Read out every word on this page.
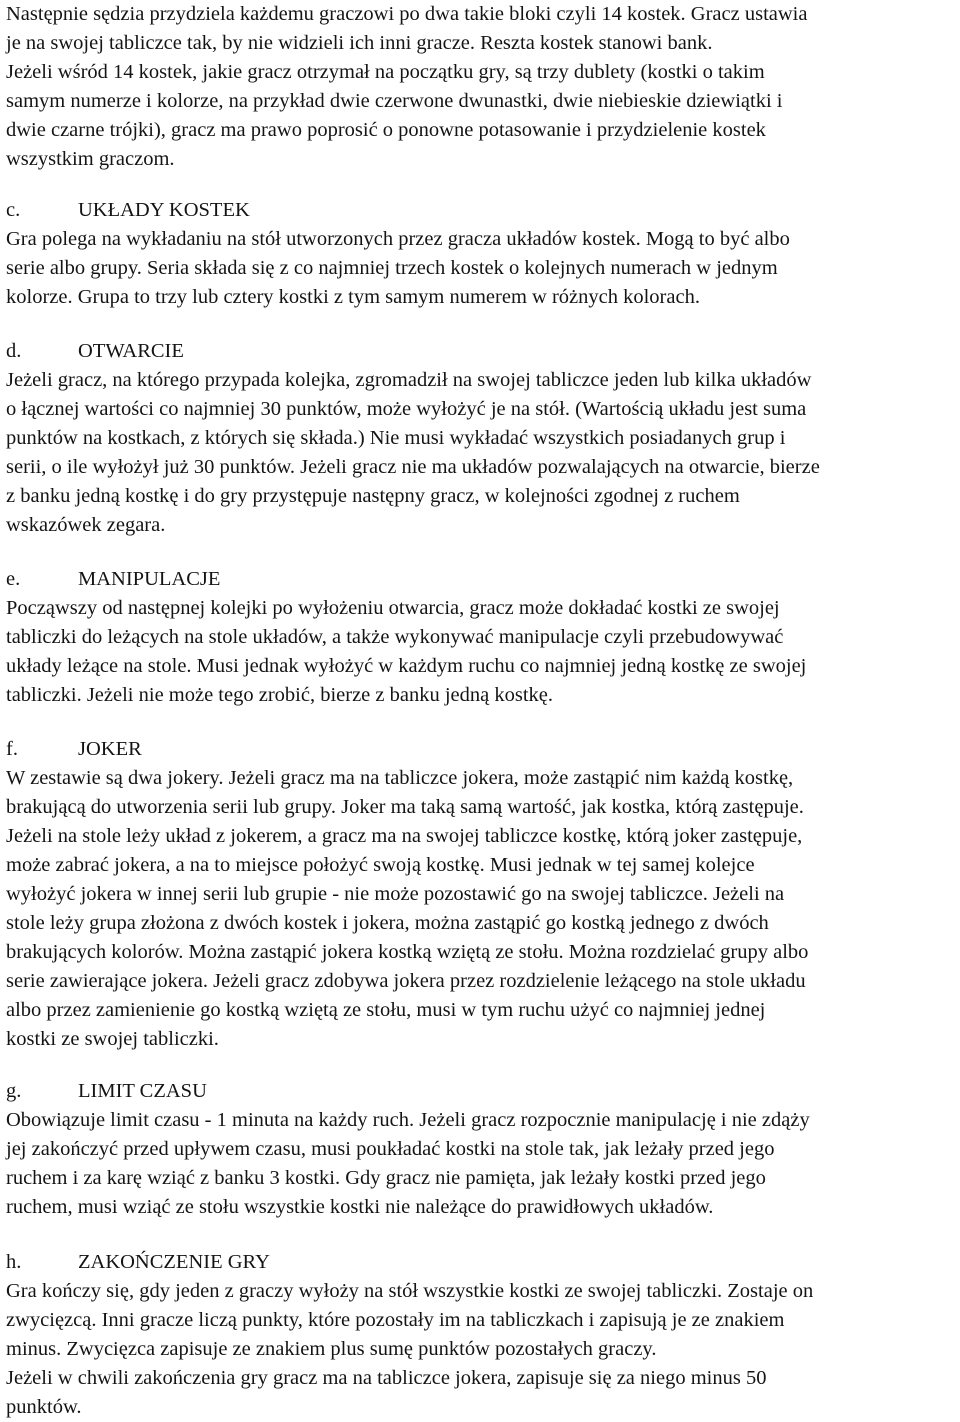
Następnie sędzia przydziela każdemu graczowi po dwa takie bloki czyli 14 kostek. Gracz ustawia
je na swojej tabliczce tak, by nie widzieli ich inni gracze. Reszta kostek stanowi bank.
Jeżeli wśród 14 kostek, jakie gracz otrzymał na początku gry, są trzy dublety (kostki o takim
samym numerze i kolorze, na przykład dwie czerwone dwunastki, dwie niebieskie dziewiątki i
dwie czarne trójki), gracz ma prawo poprosić o ponowne potasowanie i przydzielenie kostek
wszystkim graczom.
c.	UKŁADY KOSTEK
Gra polega na wykładaniu na stół utworzonych przez gracza układów kostek. Mogą to być albo
serie albo grupy. Seria składa się z co najmniej trzech kostek o kolejnych numerach w jednym
kolorze. Grupa to trzy lub cztery kostki z tym samym numerem w różnych kolorach.
d.	OTWARCIE
Jeżeli gracz, na którego przypada kolejka, zgromadził na swojej tabliczce jeden lub kilka układów
o łącznej wartości co najmniej 30 punktów, może wyłożyć je na stół. (Wartością układu jest suma
punktów na kostkach, z których się składa.) Nie musi wykładać wszystkich posiadanych grup i
serii, o ile wyłożył już 30 punktów. Jeżeli gracz nie ma układów pozwalających na otwarcie, bierze
z banku jedną kostkę i do gry przystępuje następny gracz, w kolejności zgodnej z ruchem
wskazówek zegara.
e.	MANIPULACJE
Począwszy od następnej kolejki po wyłożeniu otwarcia, gracz może dokładać kostki ze swojej
tabliczki do leżących na stole układów, a także wykonywać manipulacje czyli przebudowywać
układy leżące na stole. Musi jednak wyłożyć w każdym ruchu co najmniej jedną kostkę ze swojej
tabliczki. Jeżeli nie może tego zrobić, bierze z banku jedną kostkę.
f.	JOKER
W zestawie są dwa jokery. Jeżeli gracz ma na tabliczce jokera, może zastąpić nim każdą kostkę,
brakującą do utworzenia serii lub grupy. Joker ma taką samą wartość, jak kostka, którą zastępuje.
Jeżeli na stole leży układ z jokerem, a gracz ma na swojej tabliczce kostkę, którą joker zastępuje,
może zabrać jokera, a na to miejsce położyć swoją kostkę. Musi jednak w tej samej kolejce
wyłożyć jokera w innej serii lub grupie - nie może pozostawić go na swojej tabliczce. Jeżeli na
stole leży grupa złożona z dwóch kostek i jokera, można zastąpić go kostką jednego z dwóch
brakujących kolorów. Można zastąpić jokera kostką wziętą ze stołu. Można rozdzielać grupy albo
serie zawierające jokera. Jeżeli gracz zdobywa jokera przez rozdzielenie leżącego na stole układu
albo przez zamienienie go kostką wziętą ze stołu, musi w tym ruchu użyć co najmniej jednej
kostki ze swojej tabliczki.
g.	LIMIT CZASU
Obowiązuje limit czasu - 1 minuta na każdy ruch. Jeżeli gracz rozpocznie manipulację i nie zdąży
jej zakończyć przed upływem czasu, musi poukładać kostki na stole tak, jak leżały przed jego
ruchem i za karę wziąć z banku 3 kostki. Gdy gracz nie pamięta, jak leżały kostki przed jego
ruchem, musi wziąć ze stołu wszystkie kostki nie należące do prawidłowych układów.
h.	ZAKOŃCZENIE GRY
Gra kończy się, gdy jeden z graczy wyłoży na stół wszystkie kostki ze swojej tabliczki. Zostaje on
zwycięzcą. Inni gracze liczą punkty, które pozostały im na tabliczkach i zapisują je ze znakiem
minus. Zwycięzca zapisuje ze znakiem plus sumę punktów pozostałych graczy.
Jeżeli w chwili zakończenia gry gracz ma na tabliczce jokera, zapisuje się za niego minus 50
punktów.
